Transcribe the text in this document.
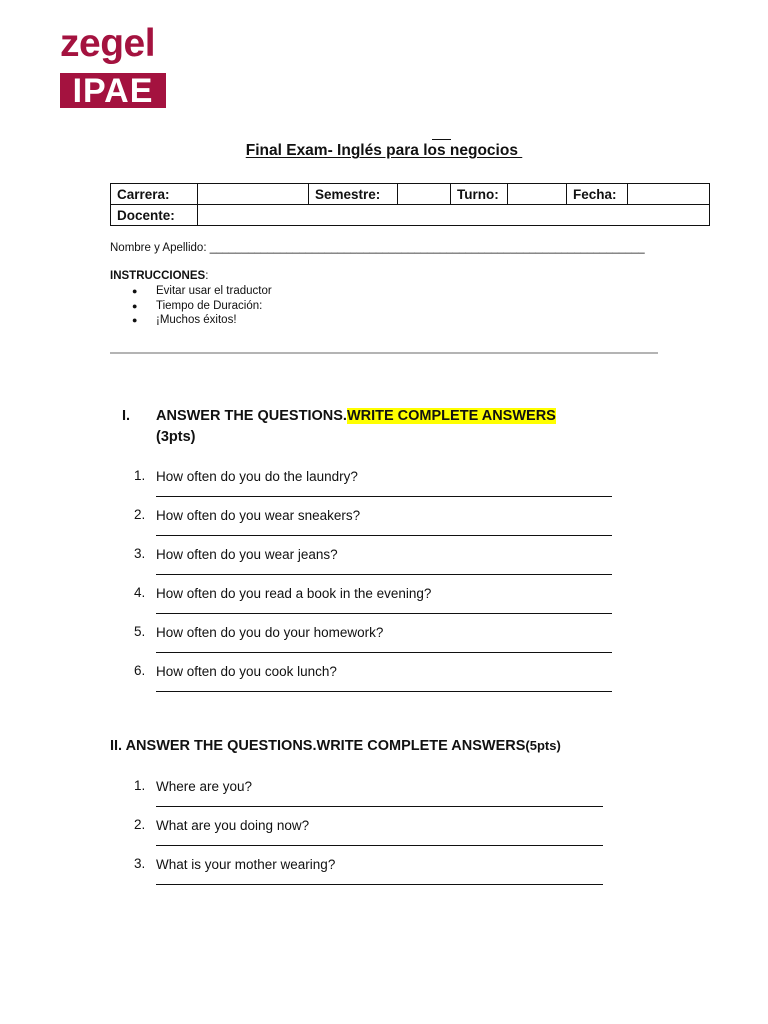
zegel
IPAE
Final Exam- Inglés para los negocios
Carrera:		Semestre:		Turno:		Fecha:	
Docente:							
Nombre y Apellido: ____________________________________________________________________
INSTRUCCIONES:
● Evitar usar el traductor
● Tiempo de Duración:
● ¡Muchos éxitos!
I. ANSWER THE QUESTIONS.WRITE COMPLETE ANSWERS
(3pts)
1. How often do you do the laundry?
2. How often do you wear sneakers?
3. How often do you wear jeans?
4. How often do you read a book in the evening?
5. How often do you do your homework?
6. How often do you cook lunch?
II. ANSWER THE QUESTIONS.WRITE COMPLETE ANSWERS(5pts)
1. Where are you?
2. What are you doing now?
3. What is your mother wearing?
